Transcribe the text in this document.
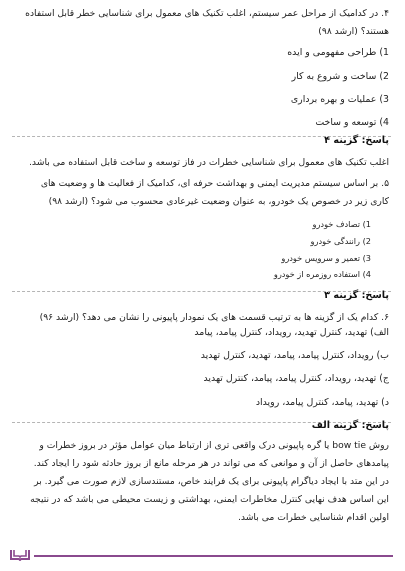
۴. در کدامیک از مراحل عمر سیستم، اغلب تکنیک های معمول برای شناسایی خطر قابل استفاده
هستند؟ (ارشد ۹۸)
1) طراحی مفهومی و ایده
2) ساخت و شروع به کار
3) عملیات و بهره برداری
4) توسعه و ساخت
پاسخ: گزینه ۴
اغلب تکنیک های معمول برای شناسایی خطرات در فاز توسعه و ساخت قابل استفاده می باشد.
۵. بر اساس سیستم مدیریت ایمنی و بهداشت حرفه ای، کدامیک از فعالیت ها و وضعیت های
کاری زیر در خصوص یک خودرو، به عنوان وضعیت غیرعادی محسوب می شود؟ (ارشد ۹۸)
1) تصادف خودرو
2) رانندگی خودرو
3) تعمیر و سرویس خودرو
4) استفاده روزمره از خودرو
پاسخ: گزینه ۳
۶. کدام یک از گزینه ها به ترتیب قسمت های یک نمودار پاپیونی را نشان می دهد؟ (ارشد ۹۶)
الف) تهدید، کنترل تهدید، رویداد، کنترل پیامد، پیامد
ب) رویداد، کنترل پیامد، پیامد، تهدید، کنترل تهدید
ج) تهدید، رویداد، کنترل پیامد، پیامد، کنترل تهدید
د) تهدید، پیامد، کنترل پیامد، رویداد
پاسخ: گزینه الف
روش bow tie یا گره پاپیونی درک واقعی تری از ارتباط میان عوامل مؤثر در بروز خطرات و
پیامدهای حاصل از آن و موانعی که می تواند در هر مرحله مانع از بروز حادثه شود را ایجاد کند.
در این متد با ایجاد دیاگرام پاپیونی برای یک فرایند خاص، مستندسازی لازم صورت می گیرد. بر
این اساس هدف نهایی کنترل مخاطرات ایمنی، بهداشتی و زیست محیطی می باشد که در نتیجه
اولین اقدام شناسایی خطرات می باشد.
